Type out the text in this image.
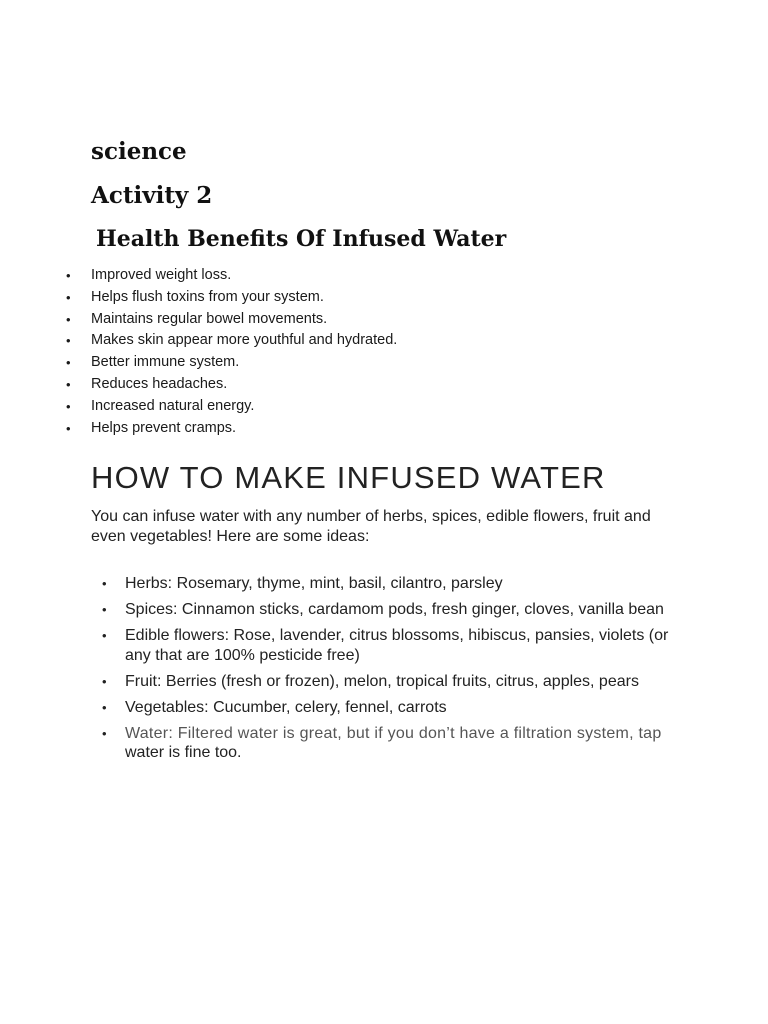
science
Activity 2
Health Benefits Of Infused Water
• Improved weight loss.
• Helps flush toxins from your system.
• Maintains regular bowel movements.
• Makes skin appear more youthful and hydrated.
• Better immune system.
• Reduces headaches.
• Increased natural energy.
• Helps prevent cramps.
HOW TO MAKE INFUSED WATER

You can infuse water with any number of herbs, spices, edible flowers, fruit and even vegetables! Here are some ideas:

• Herbs: Rosemary, thyme, mint, basil, cilantro, parsley
• Spices: Cinnamon sticks, cardamom pods, fresh ginger, cloves, vanilla bean
• Edible flowers: Rose, lavender, citrus blossoms, hibiscus, pansies, violets (or any that are 100% pesticide free)
• Fruit: Berries (fresh or frozen), melon, tropical fruits, citrus, apples, pears
• Vegetables: Cucumber, celery, fennel, carrots
• Water: Filtered water is great, but if you don’t have a filtration system, tap
water is fine too.
